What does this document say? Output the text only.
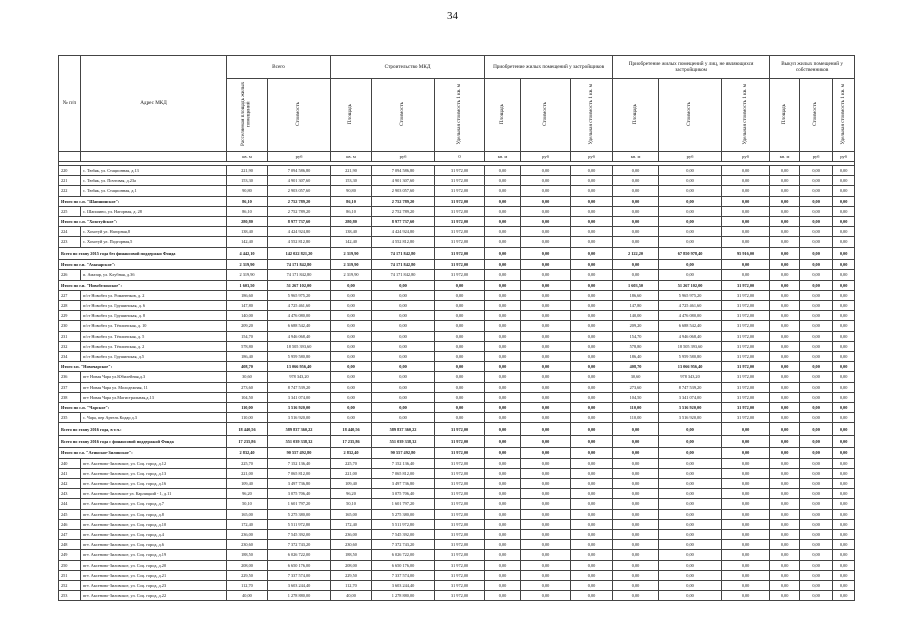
34
№ п/п	Адрес МКД	Всего		Строительство МКД			Приобретение жилых помещений у застройщиков			Приобретение жилых помещений у лиц, не являющихся застройщиком			Выкуп жилых помещений у собственников		
		Расселяемая площадь жилых помещений	Стоимость	Площадь	Стоимость	Удельная стоимость 1 кв. м	Площадь	Стоимость	Удельная стоимость 1 кв. м	Площадь	Стоимость	Удельная стоимость 1 кв. м	Площадь	Стоимость	Удельная стоимость 1 кв. м
		кв. м	руб	кв. м	руб	0	кв. м	руб	руб	кв. м	руб	руб	кв. м	руб	руб

220	с. Тюбяк, ул. Стационная, д.13	221,90	7 094 586,80	221,90	7 094 586,80	31 972,00	0,00	0,00	0,00	0,00	0,00	0,00	0,00	0,00	0,00
221	с. Тюбяк, ул. Почтовая, д.23а	153,30	4 901 307,60	153,30	4 901 307,60	31 972,00	0,00	0,00	0,00	0,00	0,00	0,00	0,00	0,00	0,00
222	с. Тюбяк, ул. Стационная, д.1	90,80	2 903 057,60	90,80	2 903 057,60	31 972,00	0,00	0,00	0,00	0,00	0,00	0,00	0,00	0,00	0,00
Итого по с.п. "Шапшинское":		86,10	2 752 789,20	86,10	2 752 789,20	31 972,00	0,00	0,00	0,00	0,00	0,00	0,00	0,00	0,00	0,00
225	с. Шапшино, ул. Нагорная, д. 28	86,10	2 752 789,20	86,10	2 752 789,20	31 972,00	0,00	0,00	0,00	0,00	0,00	0,00	0,00	0,00	0,00
Итого по с.п. "Хохотуйское":		280,80	8 977 737,60	280,80	8 977 737,60	31 972,00	0,00	0,00	0,00	0,00	0,00	0,00	0,00	0,00	0,00
224	с. Хохотуй ул. Нагорная,8	138,40	4 424 924,80	138,40	4 424 924,80	31 972,00	0,00	0,00	0,00	0,00	0,00	0,00	0,00	0,00	0,00
223	с. Хохотуй ул. Подгорная,5	142,40	4 552 812,80	142,40	4 552 812,80	31 972,00	0,00	0,00	0,00	0,00	0,00	0,00	0,00	0,00	0,00
Всего по этапу 2015 года без финансовой поддержки Фонда		4 442,10	142 022 821,20	2 319,90	74 171 842,80	31 972,00	0,00	0,00	0,00	2 122,20	67 850 978,40	95 916,00	0,00	0,00	0,00
Итого по г.п. "Амазарское":		2 319,90	74 171 842,80	2 319,90	74 171 842,80	31 972,00	0,00	0,00	0,00	0,00	0,00	0,00	0,00	0,00	0,00
226	п. Амазар, ул. Клубная, д.36	2 319,90	74 171 842,80	2 319,90	74 171 842,80	31 972,00	0,00	0,00	0,00	0,00	0,00	0,00	0,00	0,00	0,00
Итого по г.п. "Новобелонское":		1 603,50	51 267 102,00	0,00	0,00	0,00	0,00	0,00	0,00	1 603,50	51 267 102,00	31 972,00	0,00	0,00	0,00
227	п/ст Новобел ул. Романенков, д. 2	186,60	5 965 975,20	0,00	0,00	0,00	0,00	0,00	0,00	186,60	5 965 975,20	31 972,00	0,00	0,00	0,00
228	п/ст Новобел ул. Грушинская, д. 6	147,80	4 725 461,60	0,00	0,00	0,00	0,00	0,00	0,00	147,80	4 725 461,60	31 972,00	0,00	0,00	0,00
229	п/ст Новобел ул. Грушинская, д. 8	140,00	4 476 080,00	0,00	0,00	0,00	0,00	0,00	0,00	140,00	4 476 080,00	31 972,00	0,00	0,00	0,00
230	п/ст Новобел ул. Тёплинская, д. 10	209,20	6 688 542,40	0,00	0,00	0,00	0,00	0,00	0,00	209,20	6 688 542,40	31 972,00	0,00	0,00	0,00
231	п/ст Новобел ул. Тёплинская, д. 5	154,70	4 946 068,40	0,00	0,00	0,00	0,00	0,00	0,00	154,70	4 946 068,40	31 972,00	0,00	0,00	0,00
232	п/ст Новобел ул. Тёплинская, д. 2	578,80	18 505 393,60	0,00	0,00	0,00	0,00	0,00	0,00	578,80	18 505 393,60	31 972,00	0,00	0,00	0,00
234	п/ст Новобел ул. Грушинская, д.5	186,40	5 959 580,80	0,00	0,00	0,00	0,00	0,00	0,00	186,40	5 959 580,80	31 972,00	0,00	0,00	0,00
Итого г.п. "Новочарское":		408,70	13 066 956,40	0,00	0,00	0,00	0,00	0,00	0,00	408,70	13 066 956,40	31 972,00	0,00	0,00	0,00
236	пгт Новая Чара ул.Юбилейная,д.3	30,60	978 343,20	0,00	0,00	0,00	0,00	0,00	0,00	30,60	978 343,20	31 972,00	0,00	0,00	0,00
237	пгт Новая Чара ул. Молодежная, 11	273,60	8 747 539,20	0,00	0,00	0,00	0,00	0,00	0,00	273,60	8 747 539,20	31 972,00	0,00	0,00	0,00
238	пгт Новая Чара ул.Магистральная,д.13	104,50	3 341 074,00	0,00	0,00	0,00	0,00	0,00	0,00	104,50	3 341 074,00	31 972,00	0,00	0,00	0,00
Итого по с.п. "Чарское":		110,00	3 516 920,00	0,00	0,00	0,00	0,00	0,00	0,00	110,00	3 516 920,00	31 972,00	0,00	0,00	0,00
235	с. Чара, пер Артель Кодар д.3	110,00	3 516 920,00	0,00	0,00	0,00	0,00	0,00	0,00	110,00	3 516 920,00	31 972,00	0,00	0,00	0,00
Всего по этапу 2016 года, в т.ч.:		18 440,56	589 837 360,22	18 440,56	589 837 360,22	31 972,00	0,00	0,00	0,00	0,00	0,00	0,00	0,00	0,00	0,00
Всего по этапу 2016 года с финансовой поддержкой Фонда		17 235,86	551 039 338,32	17 235,86	551 039 338,32	31 972,00	0,00	0,00	0,00	0,00	0,00	0,00	0,00	0,00	0,00
Итого по г.о. "Агинское-Зилинское":		2 832,40	90 557 492,80	2 832,40	90 557 492,80	31 972,00	0,00	0,00	0,00	0,00	0,00	0,00	0,00	0,00	0,00
240	пгт. Аксеново-Зиловское, ул. Соц. город, д.12	225,70	7 152 136,40	225,70	7 152 136,40	31 972,00	0,00	0,00	0,00	0,00	0,00	0,00	0,00	0,00	0,00
241	пгт. Аксеново-Зиловское, ул. Соц. город, д.13	221,00	7 065 812,00	221,00	7 065 812,00	31 972,00	0,00	0,00	0,00	0,00	0,00	0,00	0,00	0,00	0,00
242	пгт. Аксеново-Зиловское, ул. Соц. город, д.16	109,40	3 497 736,80	109,40	3 497 736,80	31 972,00	0,00	0,00	0,00	0,00	0,00	0,00	0,00	0,00	0,00
243	пгт. Аксеново-Зиловское ул. Карлицкий - 1, д.11	96,20	3 075 706,40	96,20	3 075 706,40	31 972,00	0,00	0,00	0,00	0,00	0,00	0,00	0,00	0,00	0,00
244	пгт. Аксеново-Зиловское, ул. Соц. город, д.7	50,10	1 601 797,20	50,10	1 601 797,20	31 972,00	0,00	0,00	0,00	0,00	0,00	0,00	0,00	0,00	0,00
245	пгт. Аксеново-Зиловское, ул. Соц. город, д.8	165,00	5 275 380,00	165,00	5 275 380,00	31 972,00	0,00	0,00	0,00	0,00	0,00	0,00	0,00	0,00	0,00
246	пгт. Аксеново-Зиловское, ул. Соц. город, д.10	172,40	5 511 972,80	172,40	5 511 972,80	31 972,00	0,00	0,00	0,00	0,00	0,00	0,00	0,00	0,00	0,00
247	пгт. Аксеново-Зиловское, ул. Соц. город, д.4	236,00	7 545 392,00	236,00	7 545 392,00	31 972,00	0,00	0,00	0,00	0,00	0,00	0,00	0,00	0,00	0,00
248	пгт. Аксеново-Зиловское, ул. Соц. город, д.6	230,60	7 372 743,20	230,60	7 372 743,20	31 972,00	0,00	0,00	0,00	0,00	0,00	0,00	0,00	0,00	0,00
249	пгт. Аксеново-Зиловское, ул. Соц. город, д.19	188,50	6 026 722,00	188,50	6 026 722,00	31 972,00	0,00	0,00	0,00	0,00	0,00	0,00	0,00	0,00	0,00
250	пгт. Аксеново-Зиловское, ул. Соц. город, д.20	208,00	6 650 176,00	208,00	6 650 176,00	31 972,00	0,00	0,00	0,00	0,00	0,00	0,00	0,00	0,00	0,00
251	пгт. Аксеново-Зиловское, ул. Соц. город, д.21	229,50	7 337 574,00	229,50	7 337 574,00	31 972,00	0,00	0,00	0,00	0,00	0,00	0,00	0,00	0,00	0,00
252	пгт. Аксеново-Зиловское, ул. Соц. город, д.23	112,70	3 603 244,40	112,70	3 603 244,40	31 972,00	0,00	0,00	0,00	0,00	0,00	0,00	0,00	0,00	0,00
253	пгт. Аксеново-Зиловское, ул. Соц. город, д.22	40,00	1 278 880,00	40,00	1 278 880,00	31 972,00	0,00	0,00	0,00	0,00	0,00	0,00	0,00	0,00	0,00
